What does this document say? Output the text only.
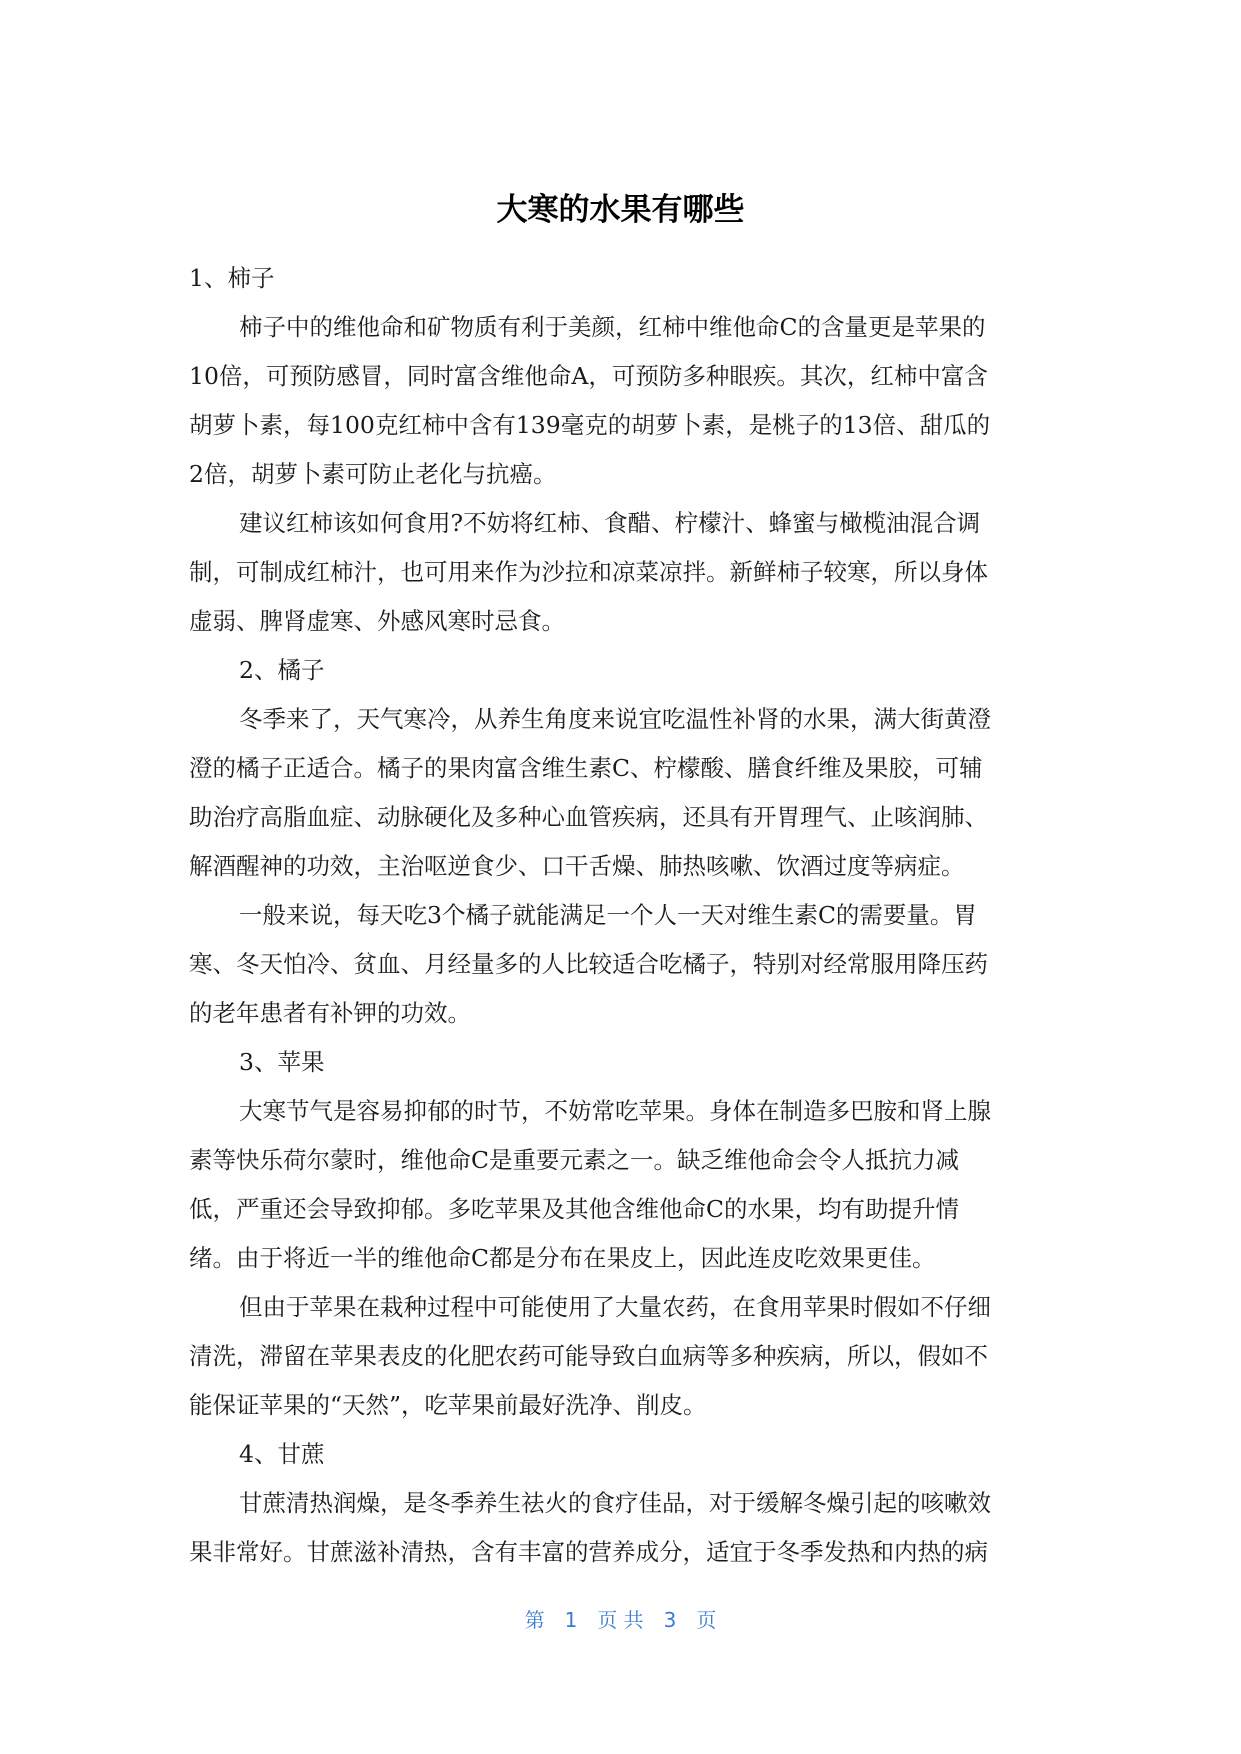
大寒的水果有哪些

1、柿子

柿子中的维他命和矿物质有利于美颜，红柿中维他命C的含量更是苹果的

10倍，可预防感冒，同时富含维他命A，可预防多种眼疾。其次，红柿中富含

胡萝卜素，每100克红柿中含有139毫克的胡萝卜素，是桃子的13倍、甜瓜的

2倍，胡萝卜素可防止老化与抗癌。

建议红柿该如何食用?不妨将红柿、食醋、柠檬汁、蜂蜜与橄榄油混合调

制，可制成红柿汁，也可用来作为沙拉和凉菜凉拌。新鲜柿子较寒，所以身体

虚弱、脾肾虚寒、外感风寒时忌食。

2、橘子

冬季来了，天气寒冷，从养生角度来说宜吃温性补肾的水果，满大街黄澄

澄的橘子正适合。橘子的果肉富含维生素C、柠檬酸、膳食纤维及果胶，可辅

助治疗高脂血症、动脉硬化及多种心血管疾病，还具有开胃理气、止咳润肺、

解酒醒神的功效，主治呕逆食少、口干舌燥、肺热咳嗽、饮酒过度等病症。

一般来说，每天吃3个橘子就能满足一个人一天对维生素C的需要量。胃

寒、冬天怕冷、贫血、月经量多的人比较适合吃橘子，特别对经常服用降压药

的老年患者有补钾的功效。

3、苹果

大寒节气是容易抑郁的时节，不妨常吃苹果。身体在制造多巴胺和肾上腺

素等快乐荷尔蒙时，维他命C是重要元素之一。缺乏维他命会令人抵抗力减

低，严重还会导致抑郁。多吃苹果及其他含维他命C的水果，均有助提升情

绪。由于将近一半的维他命C都是分布在果皮上，因此连皮吃效果更佳。

但由于苹果在栽种过程中可能使用了大量农药，在食用苹果时假如不仔细

清洗，滞留在苹果表皮的化肥农药可能导致白血病等多种疾病，所以，假如不

能保证苹果的“天然”，吃苹果前最好洗净、削皮。

4、甘蔗

甘蔗清热润燥，是冬季养生祛火的食疗佳品，对于缓解冬燥引起的咳嗽效

果非常好。甘蔗滋补清热，含有丰富的营养成分，适宜于冬季发热和内热的病

第 1 页 共 3 页
